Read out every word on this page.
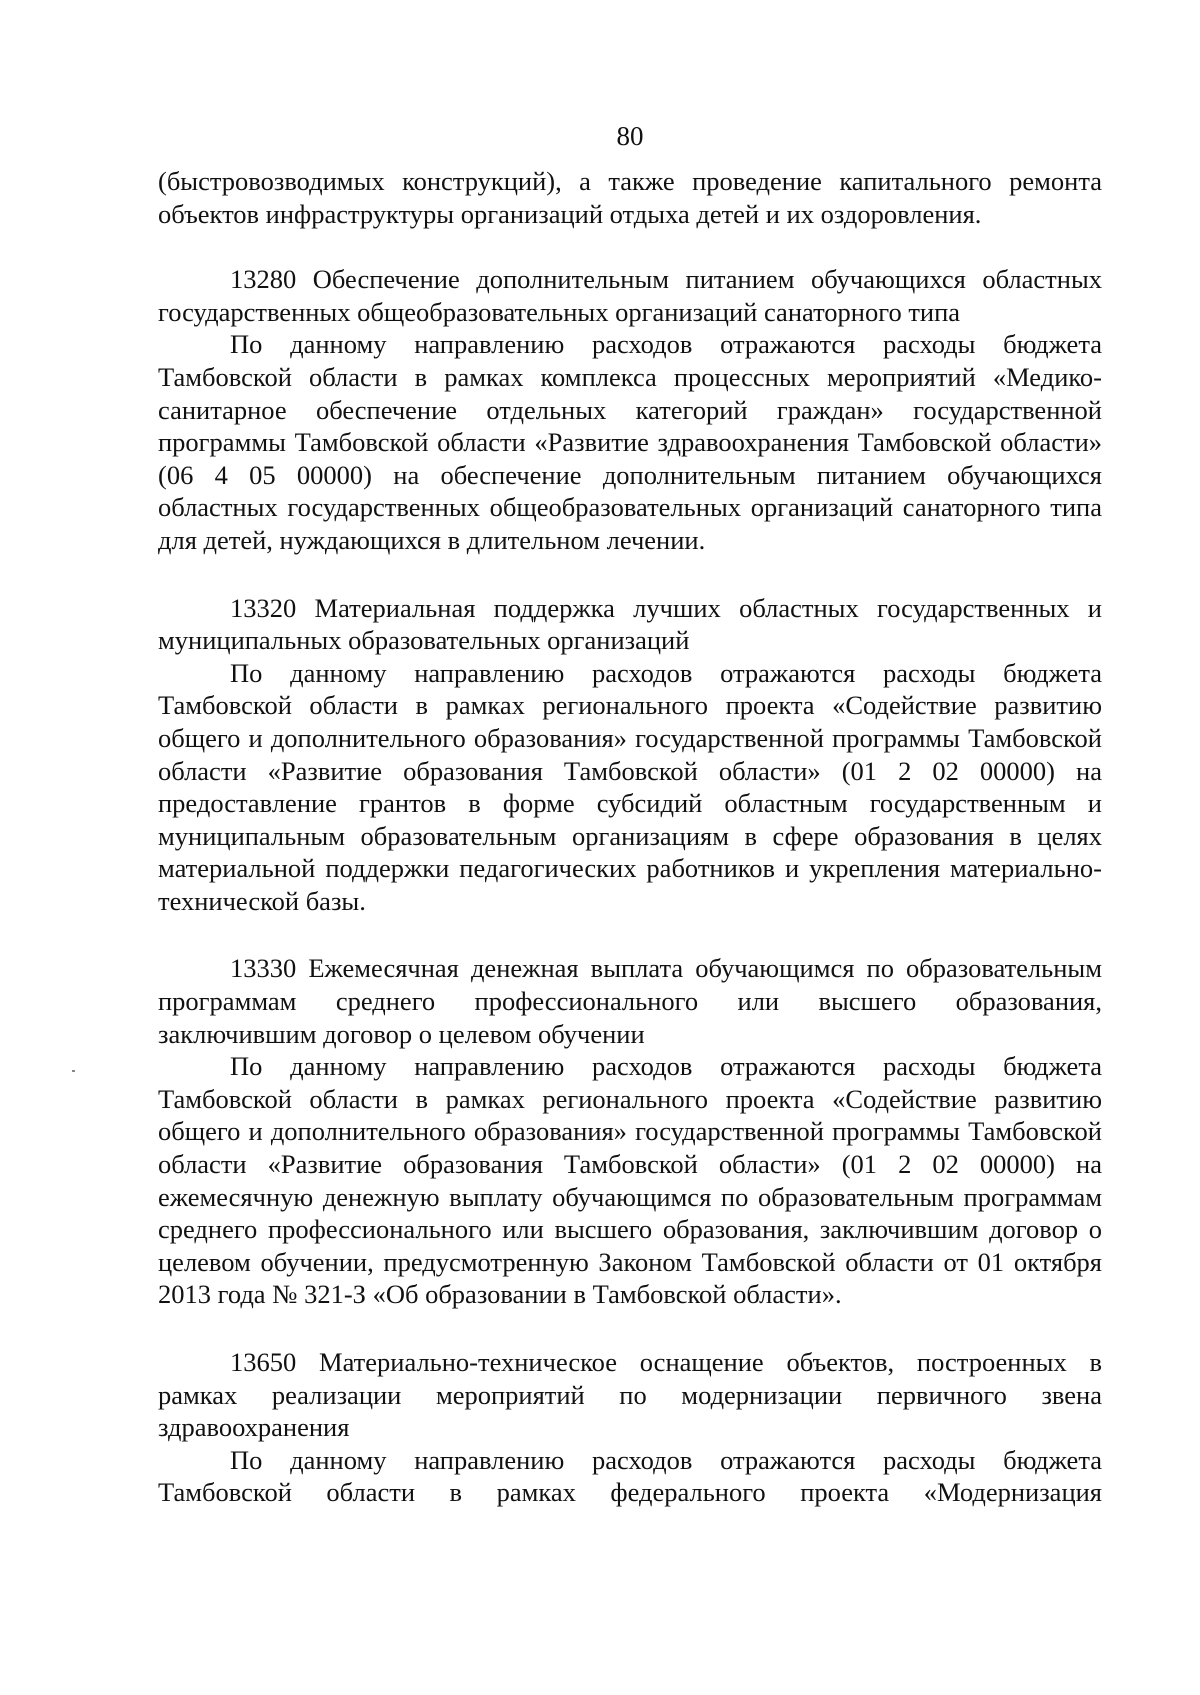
80

(быстровозводимых конструкций), а также проведение капитального ремонта объектов инфраструктуры организаций отдыха детей и их оздоровления.

13280 Обеспечение дополнительным питанием обучающихся областных государственных общеобразовательных организаций санаторного типа

По данному направлению расходов отражаются расходы бюджета Тамбовской области в рамках комплекса процессных мероприятий «Медико-санитарное обеспечение отдельных категорий граждан» государственной программы Тамбовской области «Развитие здравоохранения Тамбовской области» (06 4 05 00000) на обеспечение дополнительным питанием обучающихся областных государственных общеобразовательных организаций санаторного типа для детей, нуждающихся в длительном лечении.

13320 Материальная поддержка лучших областных государственных и муниципальных образовательных организаций

По данному направлению расходов отражаются расходы бюджета Тамбовской области в рамках регионального проекта «Содействие развитию общего и дополнительного образования» государственной программы Тамбовской области «Развитие образования Тамбовской области» (01 2 02 00000) на предоставление грантов в форме субсидий областным государственным и муниципальным образовательным организациям в сфере образования в целях материальной поддержки педагогических работников и укрепления материально-технической базы.

13330 Ежемесячная денежная выплата обучающимся по образовательным программам среднего профессионального или высшего образования, заключившим договор о целевом обучении

По данному направлению расходов отражаются расходы бюджета Тамбовской области в рамках регионального проекта «Содействие развитию общего и дополнительного образования» государственной программы Тамбовской области «Развитие образования Тамбовской области» (01 2 02 00000) на ежемесячную денежную выплату обучающимся по образовательным программам среднего профессионального или высшего образования, заключившим договор о целевом обучении, предусмотренную Законом Тамбовской области от 01 октября 2013 года № 321-З «Об образовании в Тамбовской области».

13650 Материально-техническое оснащение объектов, построенных в рамках реализации мероприятий по модернизации первичного звена здравоохранения

По данному направлению расходов отражаются расходы бюджета Тамбовской области в рамках федерального проекта «Модернизация
